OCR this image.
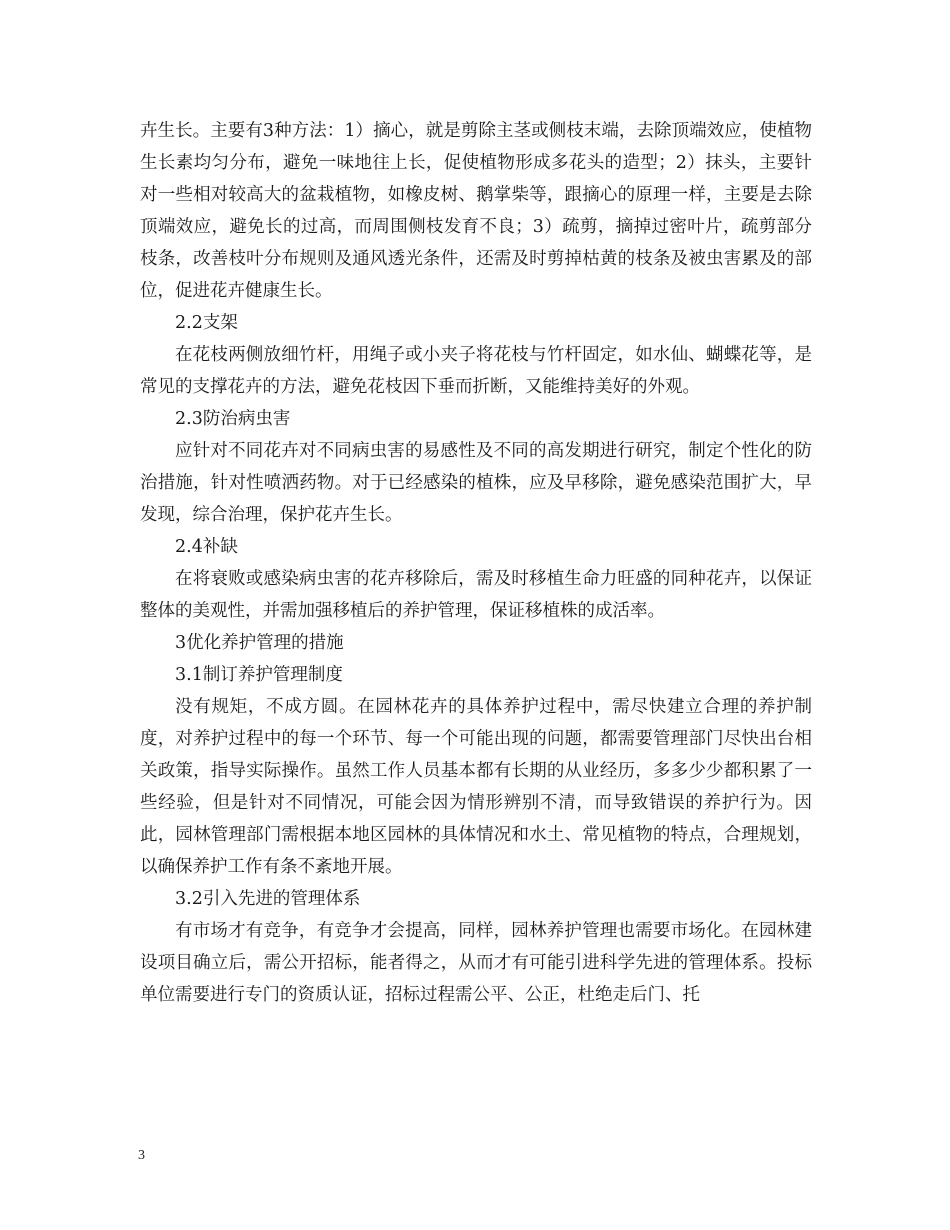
卉生长。主要有3种方法：1）摘心，就是剪除主茎或侧枝末端，去除顶端效应，使植物生长素均匀分布，避免一味地往上长，促使植物形成多花头的造型；2）抹头，主要针对一些相对较高大的盆栽植物，如橡皮树、鹅掌柴等，跟摘心的原理一样，主要是去除顶端效应，避免长的过高，而周围侧枝发育不良；3）疏剪，摘掉过密叶片，疏剪部分枝条，改善枝叶分布规则及通风透光条件，还需及时剪掉枯黄的枝条及被虫害累及的部位，促进花卉健康生长。

2.2支架

在花枝两侧放细竹杆，用绳子或小夹子将花枝与竹杆固定，如水仙、蝴蝶花等，是常见的支撑花卉的方法，避免花枝因下垂而折断，又能维持美好的外观。

2.3防治病虫害

应针对不同花卉对不同病虫害的易感性及不同的高发期进行研究，制定个性化的防治措施，针对性喷洒药物。对于已经感染的植株，应及早移除，避免感染范围扩大，早发现，综合治理，保护花卉生长。

2.4补缺

在将衰败或感染病虫害的花卉移除后，需及时移植生命力旺盛的同种花卉，以保证整体的美观性，并需加强移植后的养护管理，保证移植株的成活率。

3优化养护管理的措施

3.1制订养护管理制度

没有规矩，不成方圆。在园林花卉的具体养护过程中，需尽快建立合理的养护制度，对养护过程中的每一个环节、每一个可能出现的问题，都需要管理部门尽快出台相关政策，指导实际操作。虽然工作人员基本都有长期的从业经历，多多少少都积累了一些经验，但是针对不同情况，可能会因为情形辨别不清，而导致错误的养护行为。因此，园林管理部门需根据本地区园林的具体情况和水土、常见植物的特点，合理规划，以确保养护工作有条不紊地开展。

3.2引入先进的管理体系

有市场才有竞争，有竞争才会提高，同样，园林养护管理也需要市场化。在园林建设项目确立后，需公开招标，能者得之，从而才有可能引进科学先进的管理体系。投标单位需要进行专门的资质认证，招标过程需公平、公正，杜绝走后门、托

3
